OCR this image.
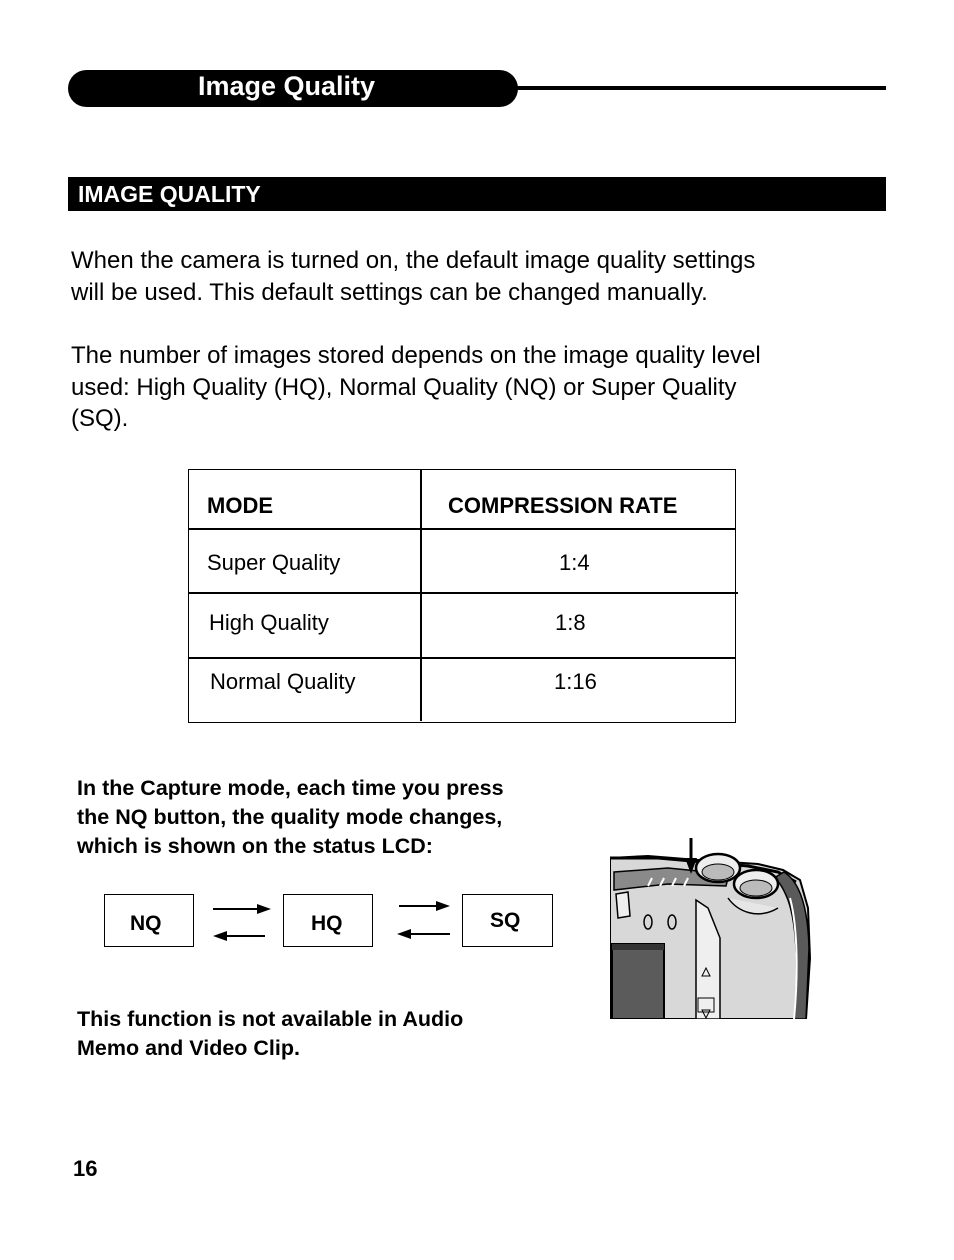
Image Quality
IMAGE QUALITY
When the camera is turned on, the default image quality settings
will be used. This default settings can be changed manually.
The number of images stored depends on the image quality level
used: High Quality (HQ), Normal Quality (NQ) or Super Quality
(SQ).
MODE	COMPRESSION RATE
Super Quality	1:4
High Quality	1:8
Normal Quality	1:16
In the Capture mode, each time you press
the NQ button, the quality mode changes,
which is shown on the status LCD:
NQ	HQ	SQ
This function is not available in Audio
Memo and Video Clip.
16
